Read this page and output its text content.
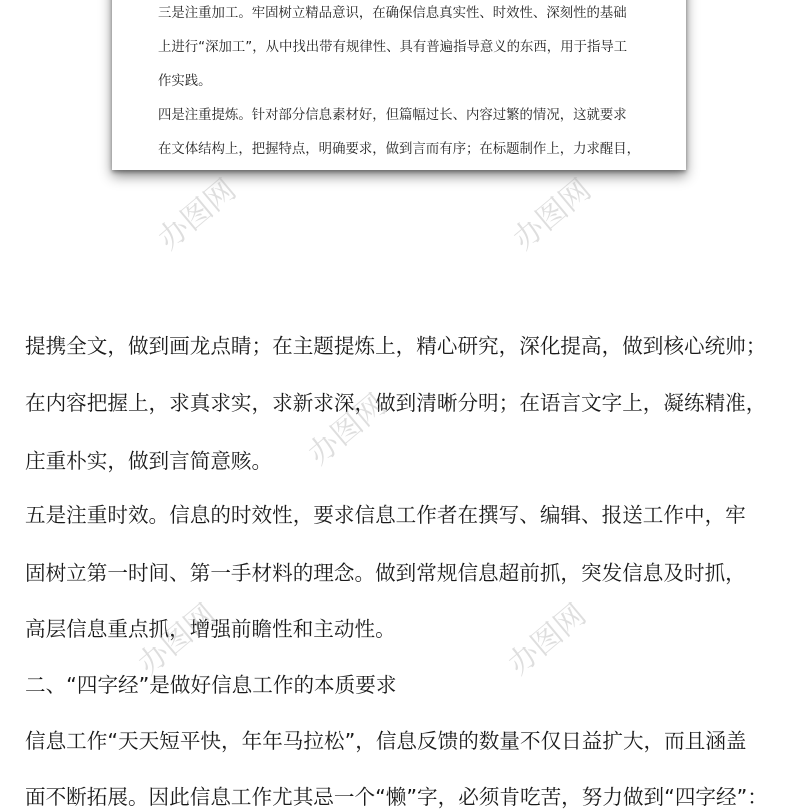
三是注重加工。牢固树立精品意识，在确保信息真实性、时效性、深刻性的基础
上进行“深加工”，从中找出带有规律性、具有普遍指导意义的东西，用于指导工
作实践。
四是注重提炼。针对部分信息素材好，但篇幅过长、内容过繁的情况，这就要求
在文体结构上，把握特点，明确要求，做到言而有序；在标题制作上，力求醒目，
提携全文，做到画龙点睛；在主题提炼上，精心研究，深化提高，做到核心统帅；
在内容把握上，求真求实，求新求深，做到清晰分明；在语言文字上，凝练精准，
庄重朴实，做到言简意赅。
五是注重时效。信息的时效性，要求信息工作者在撰写、编辑、报送工作中，牢
固树立第一时间、第一手材料的理念。做到常规信息超前抓，突发信息及时抓，
高层信息重点抓，增强前瞻性和主动性。
二、“四字经”是做好信息工作的本质要求
信息工作“天天短平快，年年马拉松”，信息反馈的数量不仅日益扩大，而且涵盖
面不断拓展。因此信息工作尤其忌一个“懒”字，必须肯吃苦，努力做到“四字经”：
办图网	办图网
办图网
办图网	办图网
